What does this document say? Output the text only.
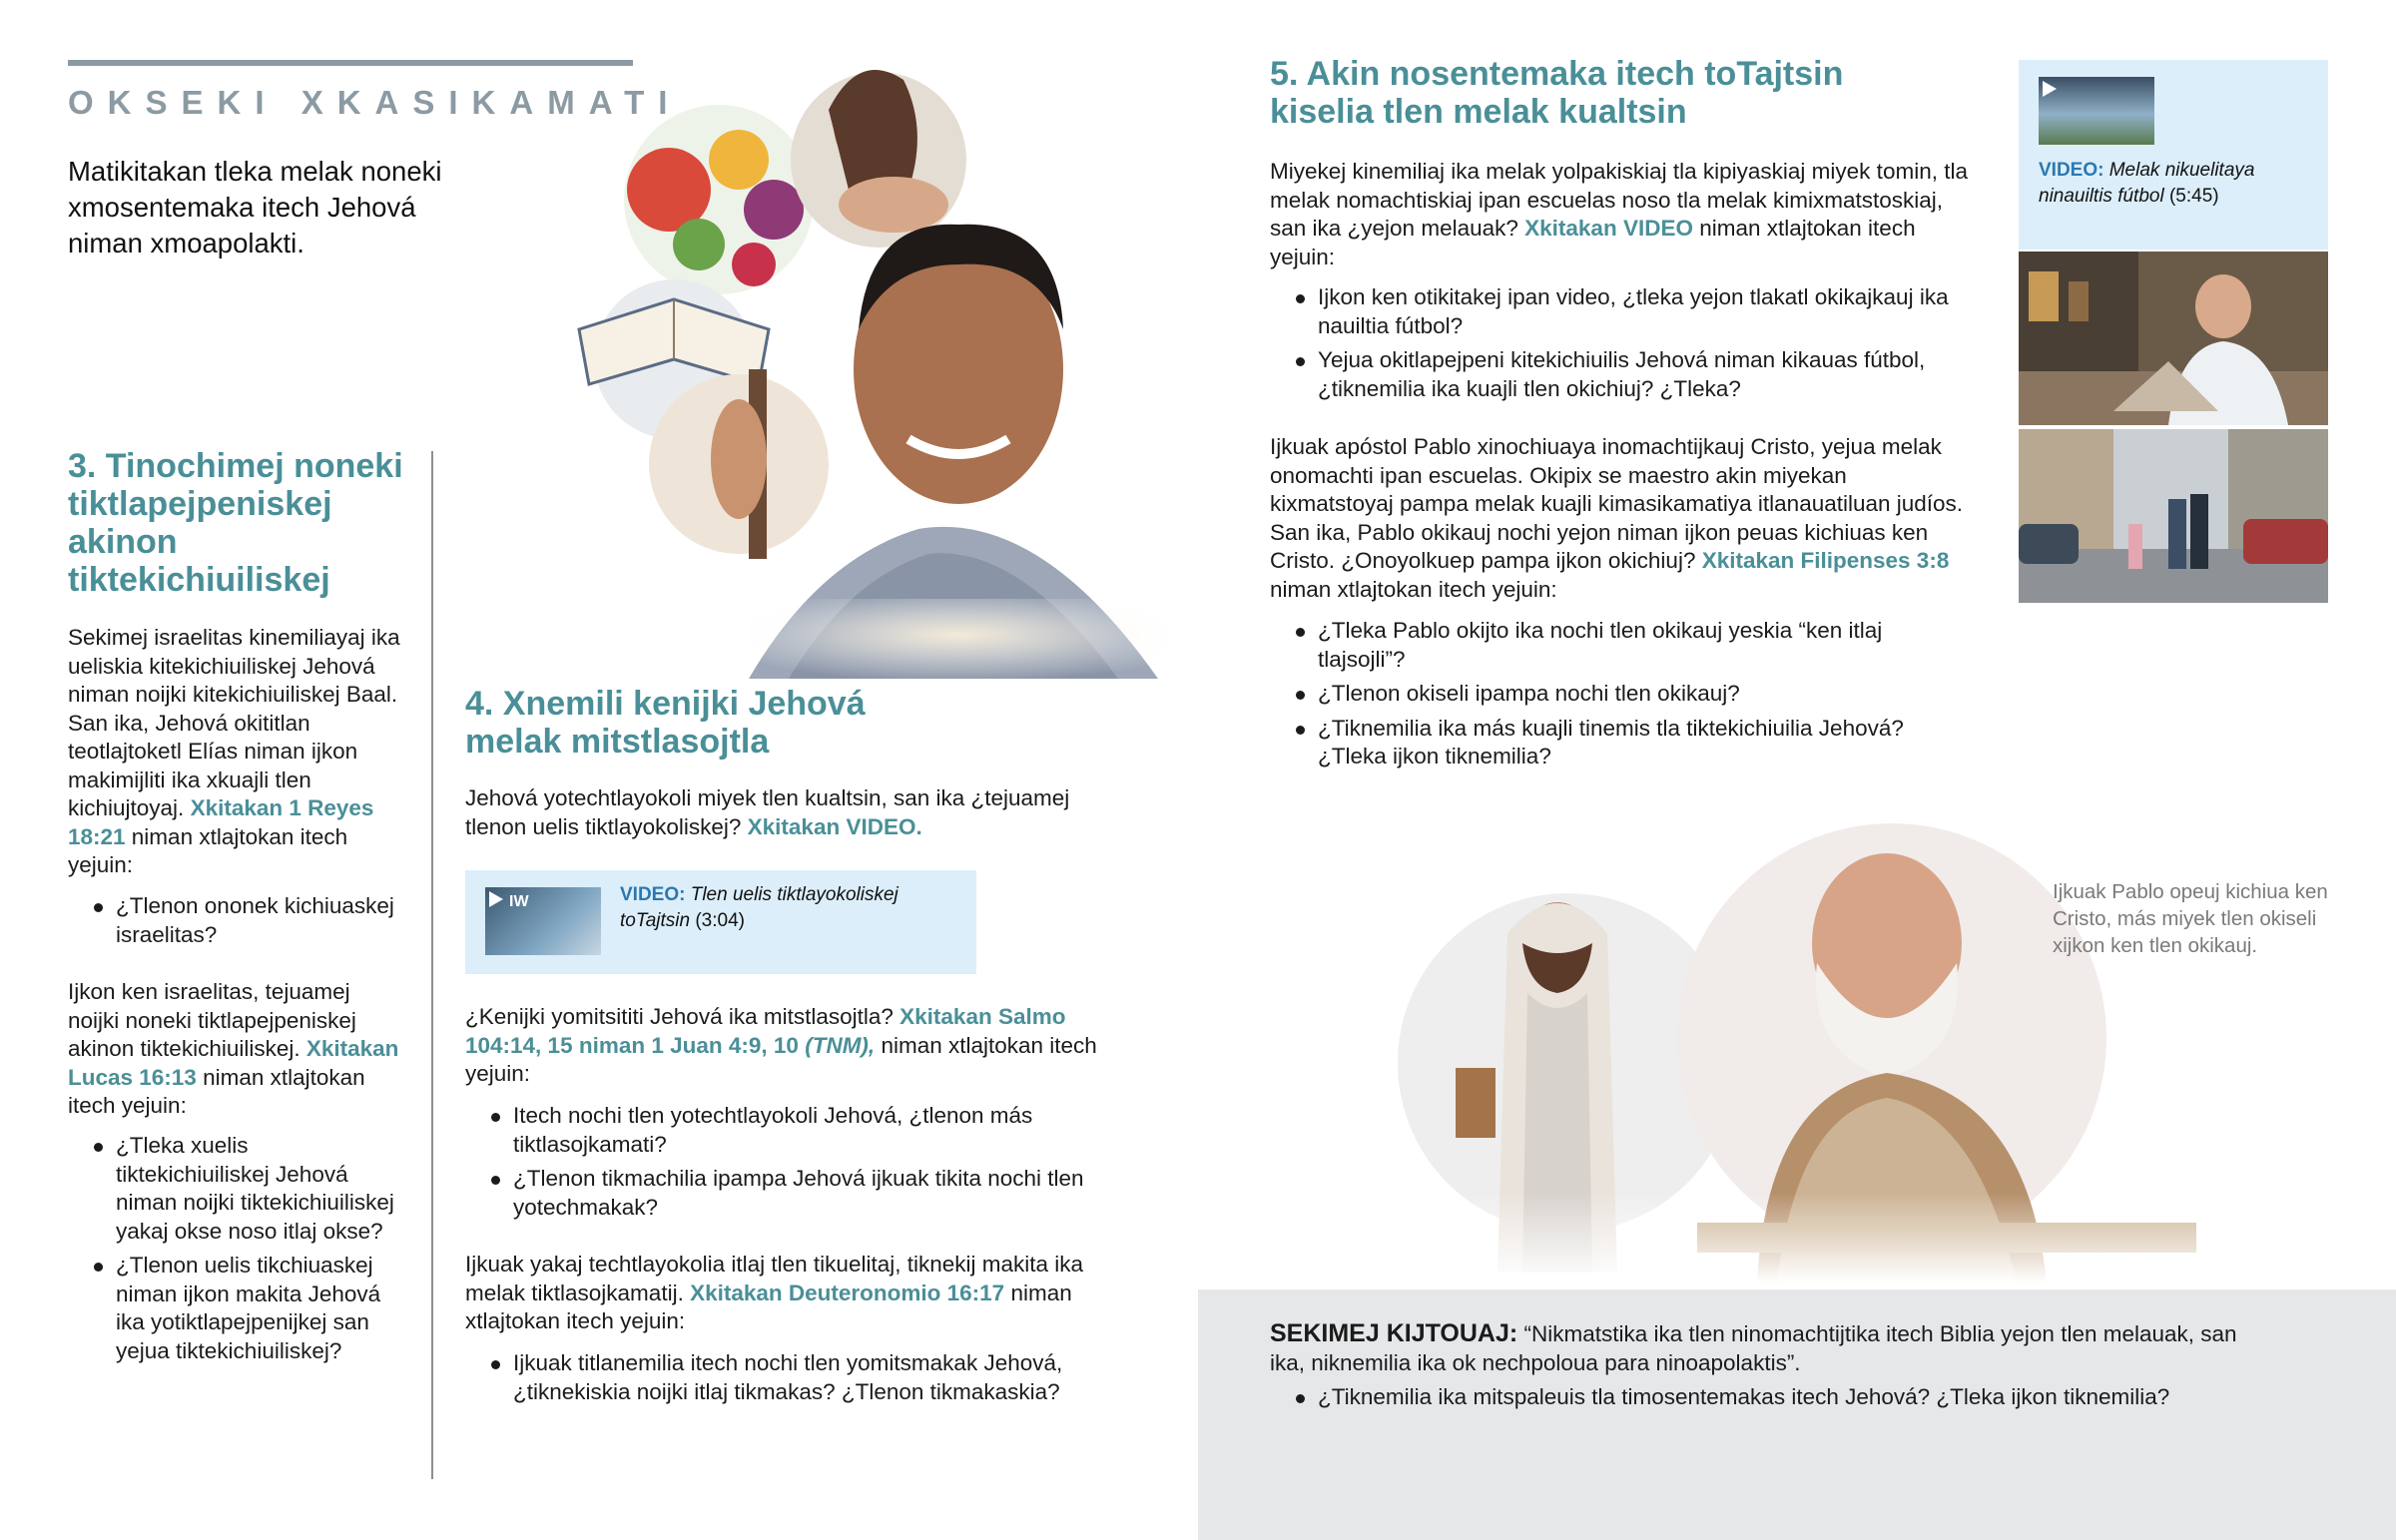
OKSEKI XKASIKAMATI
Matikitakan tleka melak noneki xmosentemaka itech Jehová niman xmoapolakti.
3. Tinochimej noneki tiktlapejpeniskej akinon tiktekichiuiliskej
Sekimej israelitas kinemiliayaj ika ueliskia kitekichiuiliskej Jehová niman noijki kitekichiuiliskej Baal. San ika, Jehová okititlan teotlajtoketl Elías niman ijkon makimijliti ika xkuajli tlen kichiujtoyaj. Xkitakan 1 Reyes 18:21 niman xtlajtokan itech yejuin:
¿Tlenon ononek kichiuaskej israelitas?
Ijkon ken israelitas, tejuamej noijki noneki tiktlapejpeniskej akinon tiktekichiuiliskej. Xkitakan Lucas 16:13 niman xtlajtokan itech yejuin:
¿Tleka xuelis tiktekichiuiliskej Jehová niman noijki tiktekichiuiliskej yakaj okse noso itlaj okse?
¿Tlenon uelis tikchiuaskej niman ijkon makita Jehová ika yotiktlapejpenijkej san yejua tiktekichiuiliskej?
4. Xnemili kenijki Jehová melak mitstlasojtla
Jehová yotechtlayokoli miyek tlen kualtsin, san ika ¿tejuamej tlenon uelis tiktlayokoliskej? Xkitakan VIDEO.
IW	VIDEO: Tlen uelis tiktlayokoliskej toTajtsin (3:04)
¿Kenijki yomitsititi Jehová ika mitstlasojtla? Xkitakan Salmo 104:14, 15 niman 1 Juan 4:9, 10 (TNM), niman xtlajtokan itech yejuin:
Itech nochi tlen yotechtlayokoli Jehová, ¿tlenon más tiktlasojkamati?
¿Tlenon tikmachilia ipampa Jehová ijkuak tikita nochi tlen yotechmakak?
Ijkuak yakaj techtlayokolia itlaj tlen tikuelitaj, tiknekij makita ika melak tiktlasojkamatij. Xkitakan Deuteronomio 16:17 niman xtlajtokan itech yejuin:
Ijkuak titlanemilia itech nochi tlen yomitsmakak Jehová, ¿tiknekiskia noijki itlaj tikmakas? ¿Tlenon tikmakaskia?
5. Akin nosentemaka itech toTajtsin kiselia tlen melak kualtsin
Miyekej kinemiliaj ika melak yolpakiskiaj tla kipiyaskiaj miyek tomin, tla melak nomachtiskiaj ipan escuelas noso tla melak kimixmatstoskiaj, san ika ¿yejon melauak? Xkitakan VIDEO niman xtlajtokan itech yejuin:
Ijkon ken otikitakej ipan video, ¿tleka yejon tlakatl okikajkauj ika nauiltia fútbol?
Yejua okitlapejpeni kitekichiuilis Jehová niman kikauas fútbol, ¿tiknemilia ika kuajli tlen okichiuj? ¿Tleka?
Ijkuak apóstol Pablo xinochiuaya inomachtijkauj Cristo, yejua melak onomachti ipan escuelas. Okipix se maestro akin miyekan kixmatstoyaj pampa melak kuajli kimasikamatiya itlanauatiluan judíos. San ika, Pablo okikauj nochi yejon niman ijkon peuas kichiuas ken Cristo. ¿Onoyolkuep pampa ijkon okichiuj? Xkitakan Filipenses 3:8 niman xtlajtokan itech yejuin:
¿Tleka Pablo okijto ika nochi tlen okikauj yeskia “ken itlaj tlajsojli”?
¿Tlenon okiseli ipampa nochi tlen okikauj?
¿Tiknemilia ika más kuajli tinemis tla tiktekichiuilia Jehová? ¿Tleka ijkon tiknemilia?
VIDEO: Melak nikuelitaya ninauiltis fútbol (5:45)
Ijkuak Pablo opeuj kichiua ken Cristo, más miyek tlen okiseli xijkon ken tlen okikauj.
SEKIMEJ KIJTOUAJ: “Nikmatstika ika tlen ninomachtijtika itech Biblia yejon tlen melauak, san ika, niknemilia ika ok nechpoloua para ninoapolaktis”.
¿Tiknemilia ika mitspaleuis tla timosentemakas itech Jehová? ¿Tleka ijkon tiknemilia?
